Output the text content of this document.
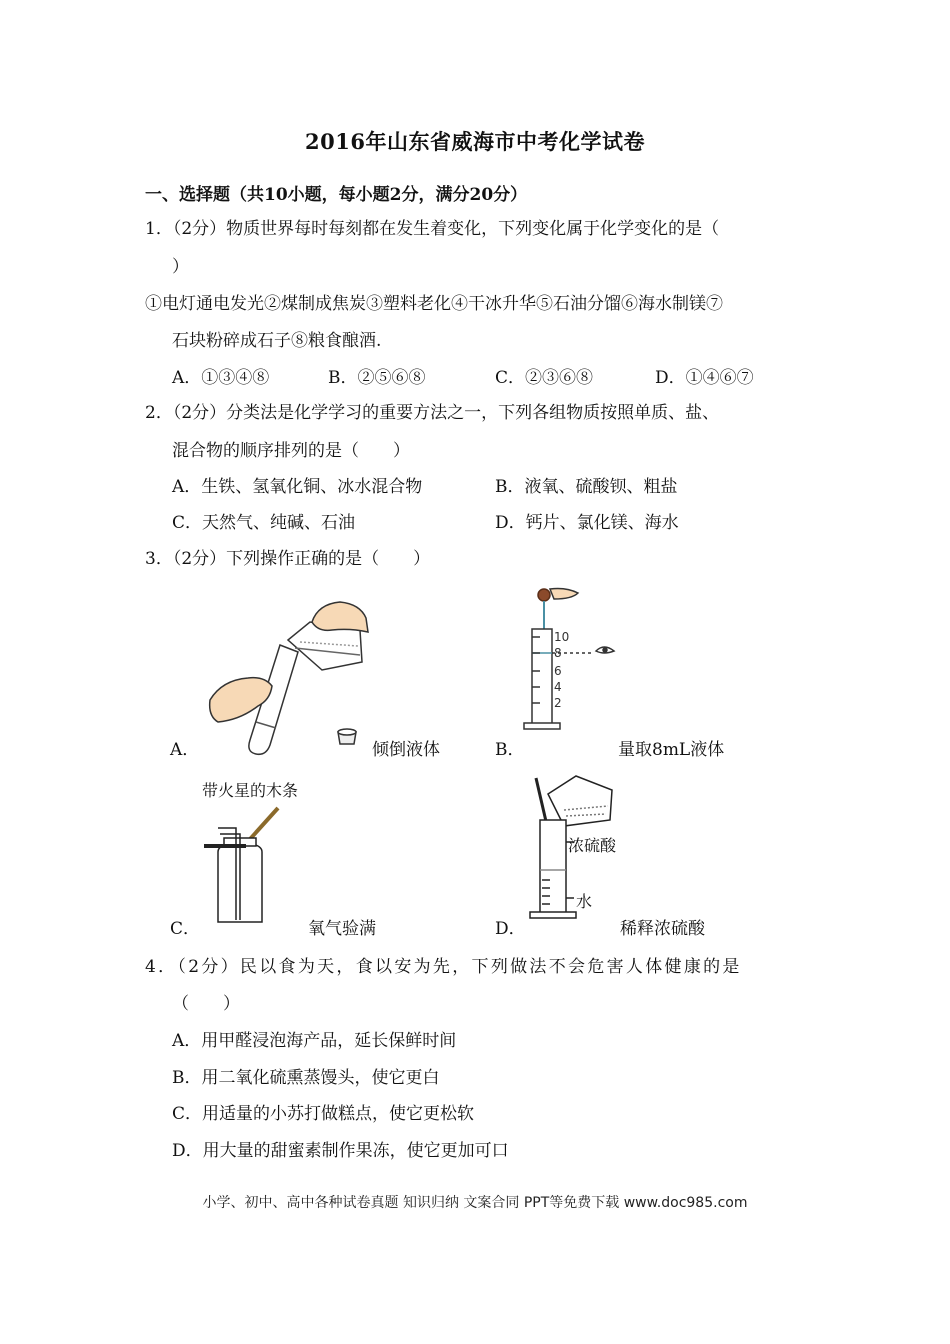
2016年山东省威海市中考化学试卷
一、选择题（共10小题，每小题2分，满分20分）
1．（2分）物质世界每时每刻都在发生着变化，下列变化属于化学变化的是（
）
①电灯通电发光②煤制成焦炭③塑料老化④干冰升华⑤石油分馏⑥海水制镁⑦
石块粉碎成石子⑧粮食酿酒.
A．①③④⑧	B．②⑤⑥⑧	C．②③⑥⑧	D．①④⑥⑦
2．（2分）分类法是化学学习的重要方法之一，下列各组物质按照单质、盐、
混合物的顺序排列的是（　　）
A．生铁、氢氧化铜、冰水混合物	B．液氧、硫酸钡、粗盐
C．天然气、纯碱、石油	D．钙片、氯化镁、海水
3．（2分）下列操作正确的是（　　）
A．	倾倒液体
10
8
6
4
2
B．	量取8mL液体
带火星的木条
C．	氧气验满
浓硫酸
水
D．	稀释浓硫酸
4．（2分）民以食为天，食以安为先，下列做法不会危害人体健康的是
（　　）
A．用甲醛浸泡海产品，延长保鲜时间
B．用二氧化硫熏蒸馒头，使它更白
C．用适量的小苏打做糕点，使它更松软
D．用大量的甜蜜素制作果冻，使它更加可口
小学、初中、高中各种试卷真题 知识归纳 文案合同 PPT等免费下载 www.doc985.com
